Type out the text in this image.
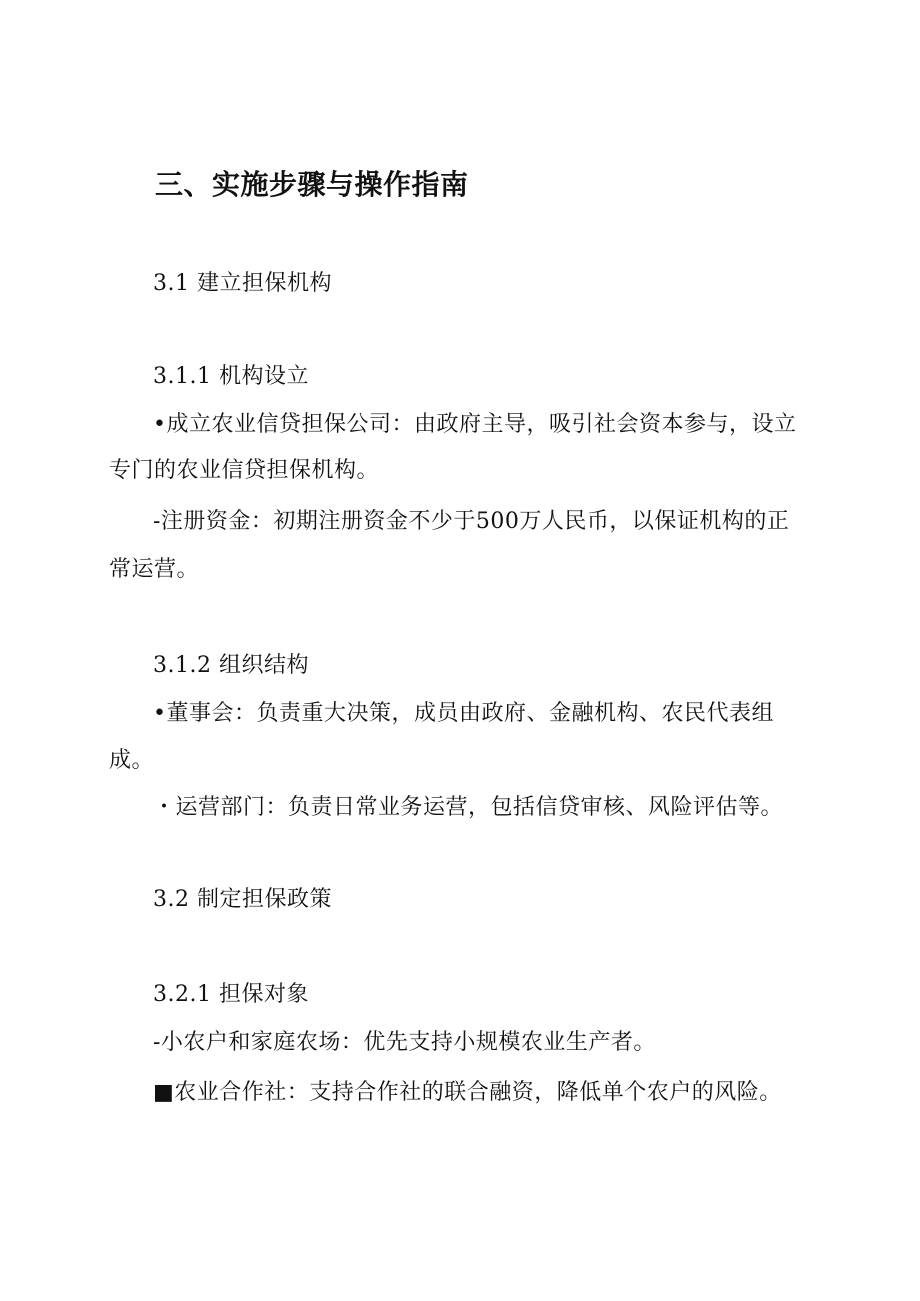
三、实施步骤与操作指南
3.1 建立担保机构
3.1.1 机构设立
•成立农业信贷担保公司：由政府主导，吸引社会资本参与，设立
专门的农业信贷担保机构。
-注册资金：初期注册资金不少于500万人民币，以保证机构的正
常运营。
3.1.2 组织结构
•董事会：负责重大决策，成员由政府、金融机构、农民代表组
成。
・运营部门：负责日常业务运营，包括信贷审核、风险评估等。
3.2 制定担保政策
3.2.1 担保对象
-小农户和家庭农场：优先支持小规模农业生产者。
■农业合作社：支持合作社的联合融资，降低单个农户的风险。
